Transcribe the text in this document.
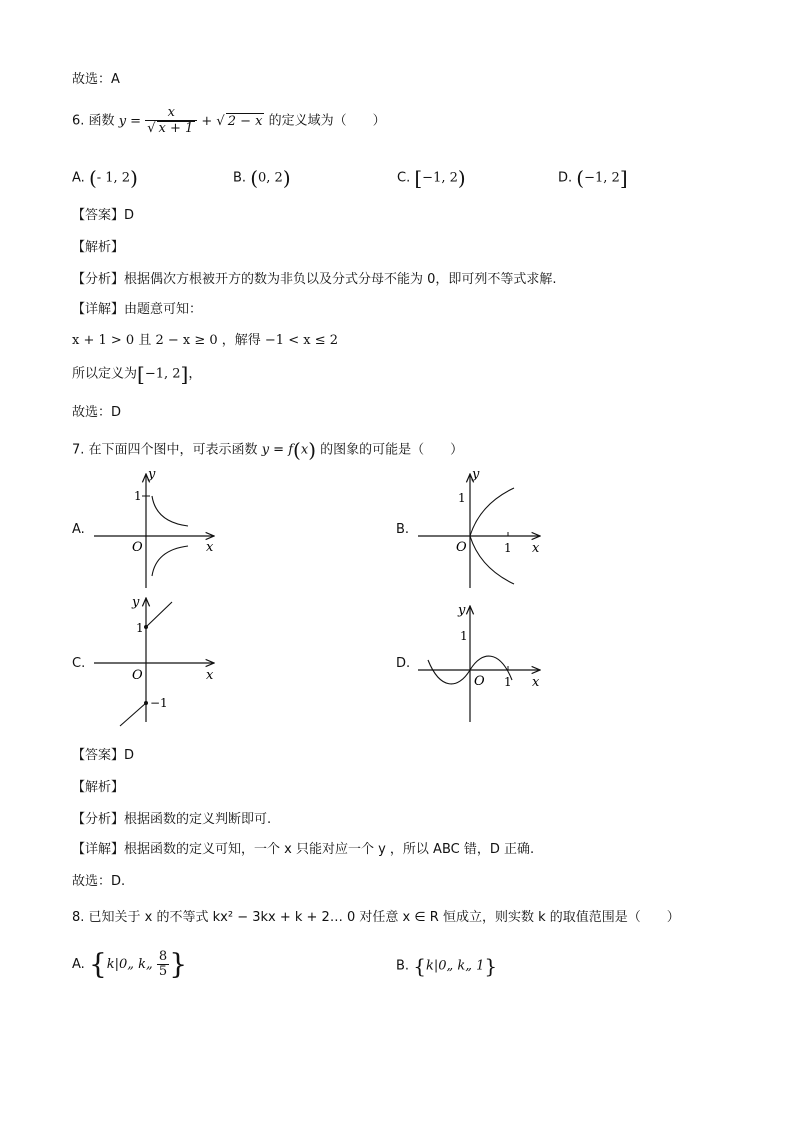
故选：A
6. 函数 $y = \frac{x}{√ x + 1}$ + √ 2 − x 的定义域为（　　）
A. (- 1, 2)	B. (0, 2)	C. [−1, 2)	D. (−1, 2]
【答案】D
【解析】
【分析】根据偶次方根被开方的数为非负以及分式分母不能为 0，即可列不等式求解.
【详解】由题意可知：
x + 1 > 0 且 2 − x ≥ 0 ，解得 −1 < x ≤ 2
所以定义为[−1, 2]，
故选：D
7. 在下面四个图中，可表示函数 y = f(x) 的图象的可能是（　　）
A.
y
1
O	x
B.
y
1
O	1 x
C.
y
1
O	x
−1
D.
y
1
O 1 x
【答案】D
【解析】
【分析】根据函数的定义判断即可.
【详解】根据函数的定义可知，一个 x 只能对应一个 y ，所以 ABC 错，D 正确.
故选：D.
8. 已知关于 x 的不等式 kx² − 3kx + k + 2… 0 对任意 x ∈ R 恒成立，则实数 k 的取值范围是（　　）
A. {k|0„ k„ $\frac{8}{5}$ }	B. {k|0„ k„ 1}
